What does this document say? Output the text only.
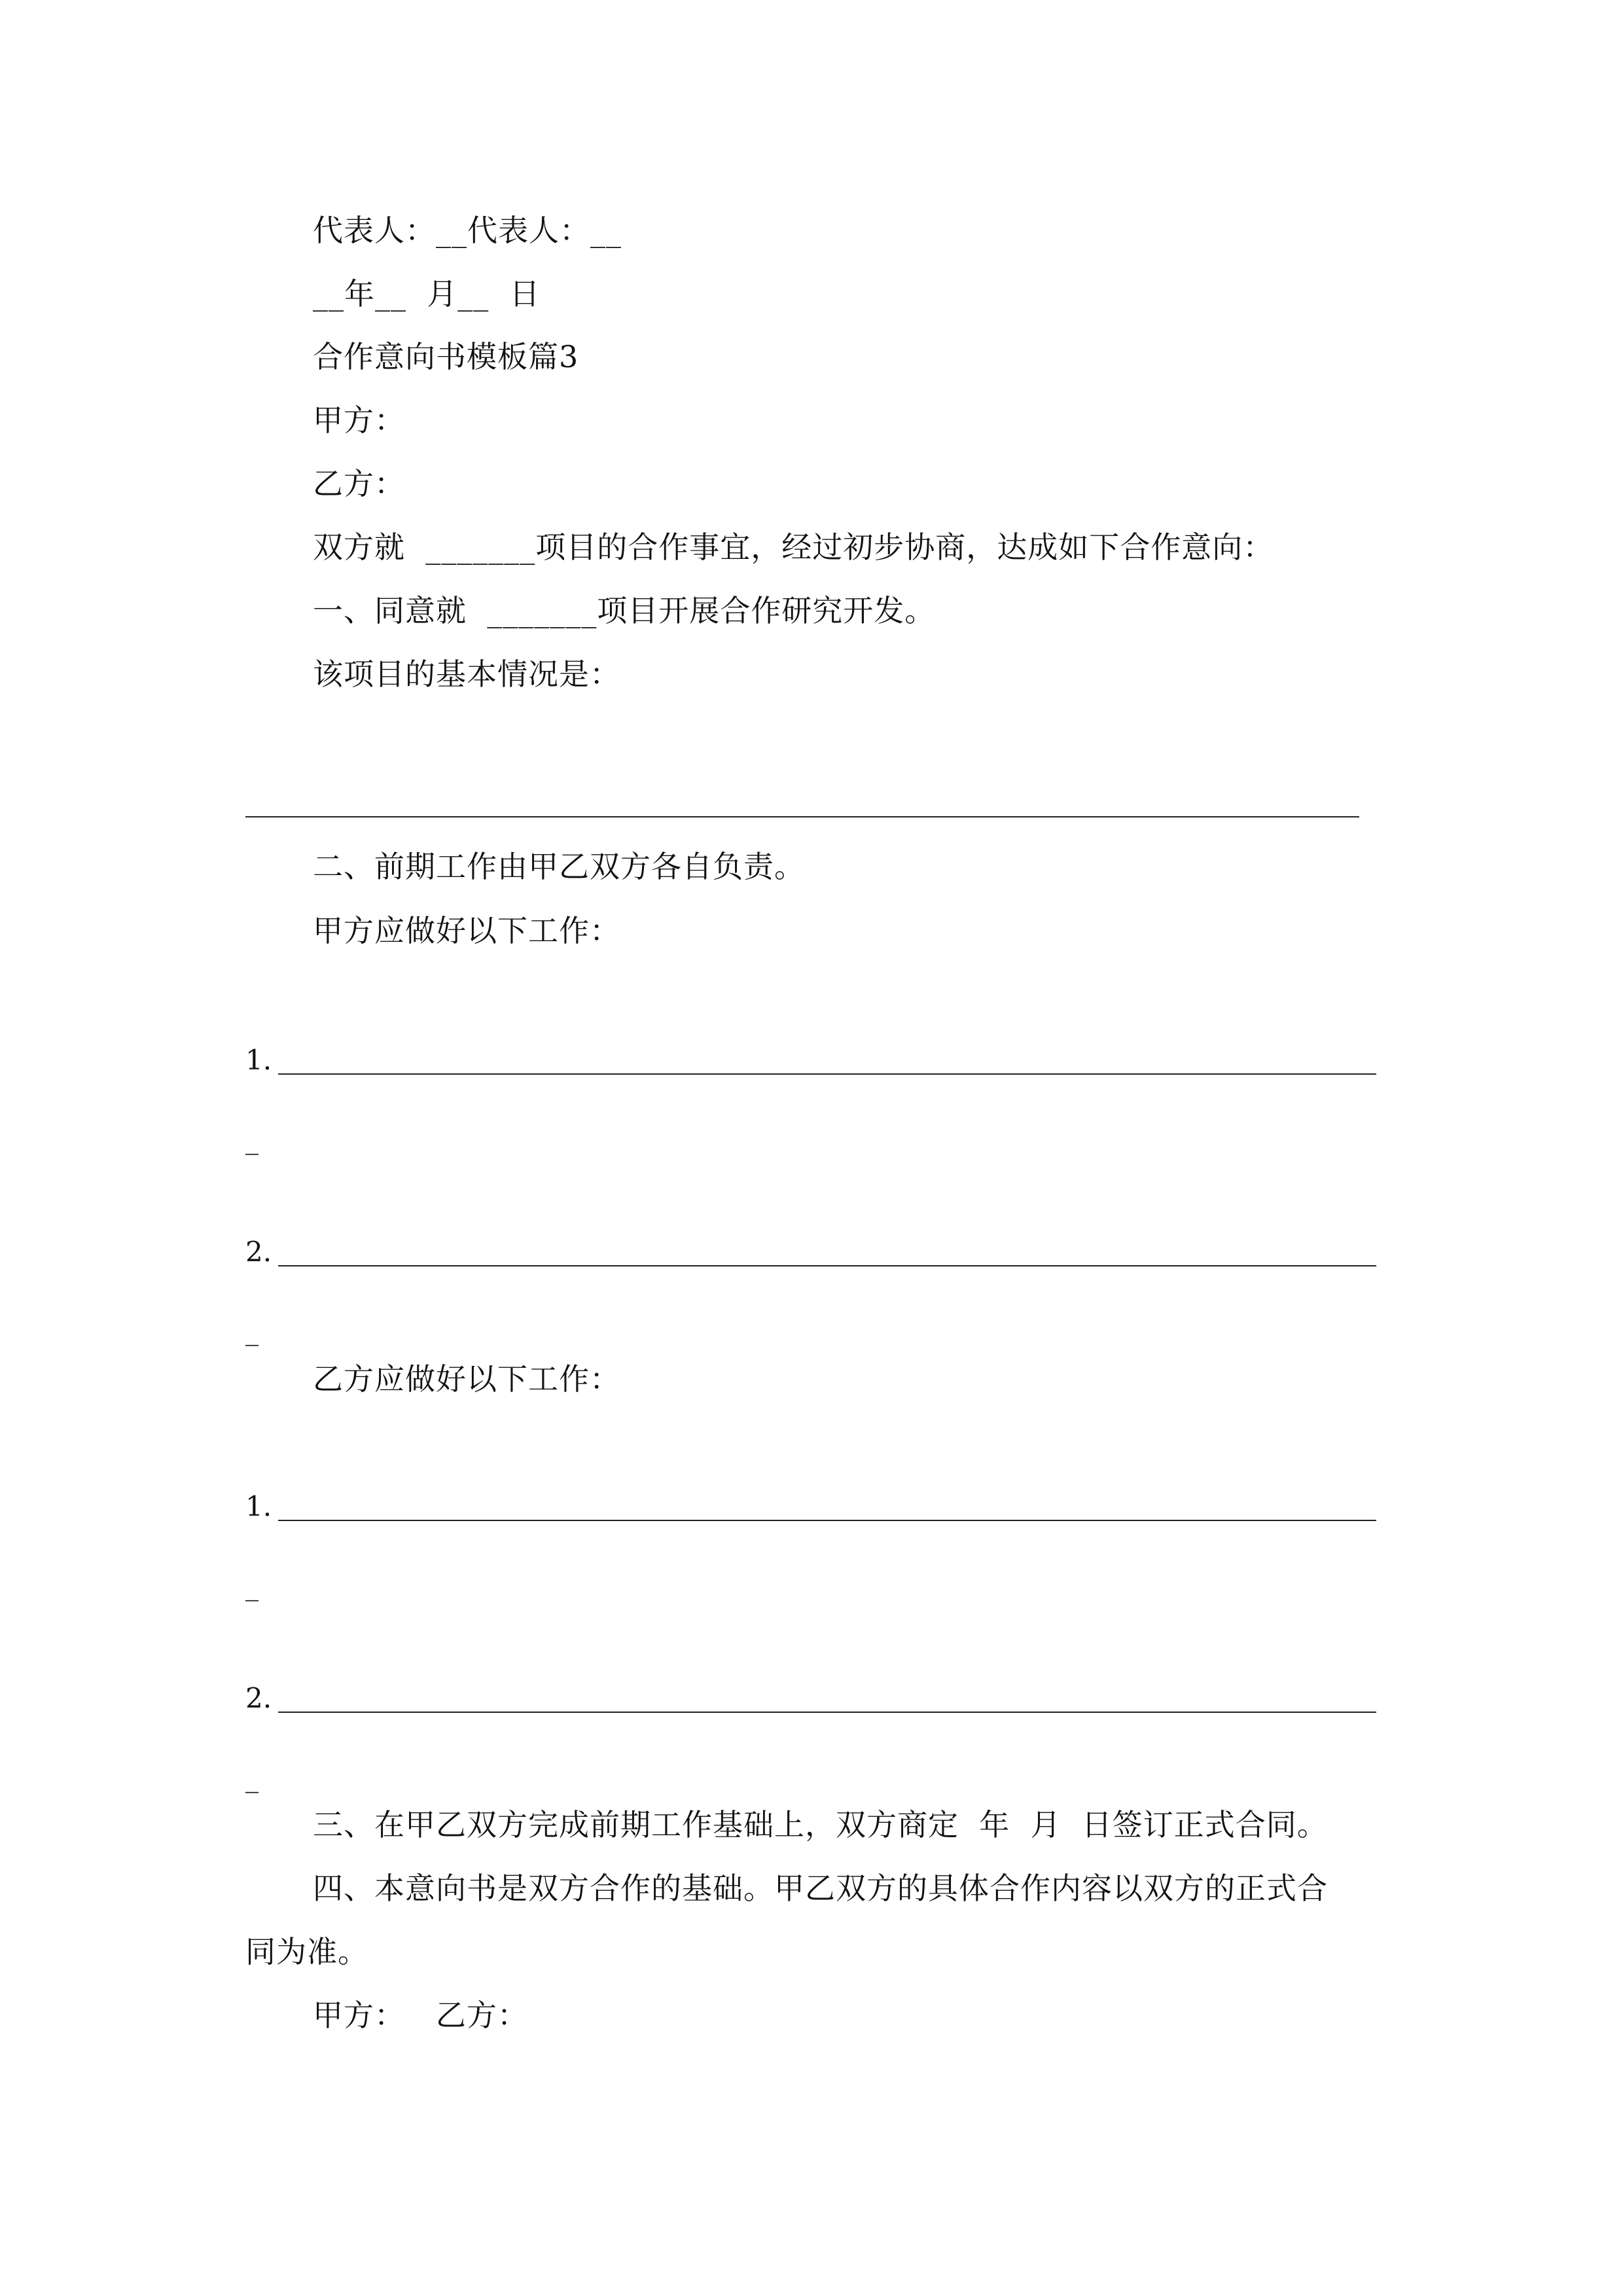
代表人：__代表人：__
__年__  月__  日
合作意向书模板篇3
甲方：
乙方：
双方就  _______项目的合作事宜，经过初步协商，达成如下合作意向：
一、同意就  _______项目开展合作研究开发。
该项目的基本情况是：
二、前期工作由甲乙双方各自负责。
甲方应做好以下工作：
1.
_
2.
_
乙方应做好以下工作：
1.
_
2.
_
三、在甲乙双方完成前期工作基础上，双方商定  年  月  日签订正式合同。
四、本意向书是双方合作的基础。甲乙双方的具体合作内容以双方的正式合
同为准。
甲方：   乙方：
